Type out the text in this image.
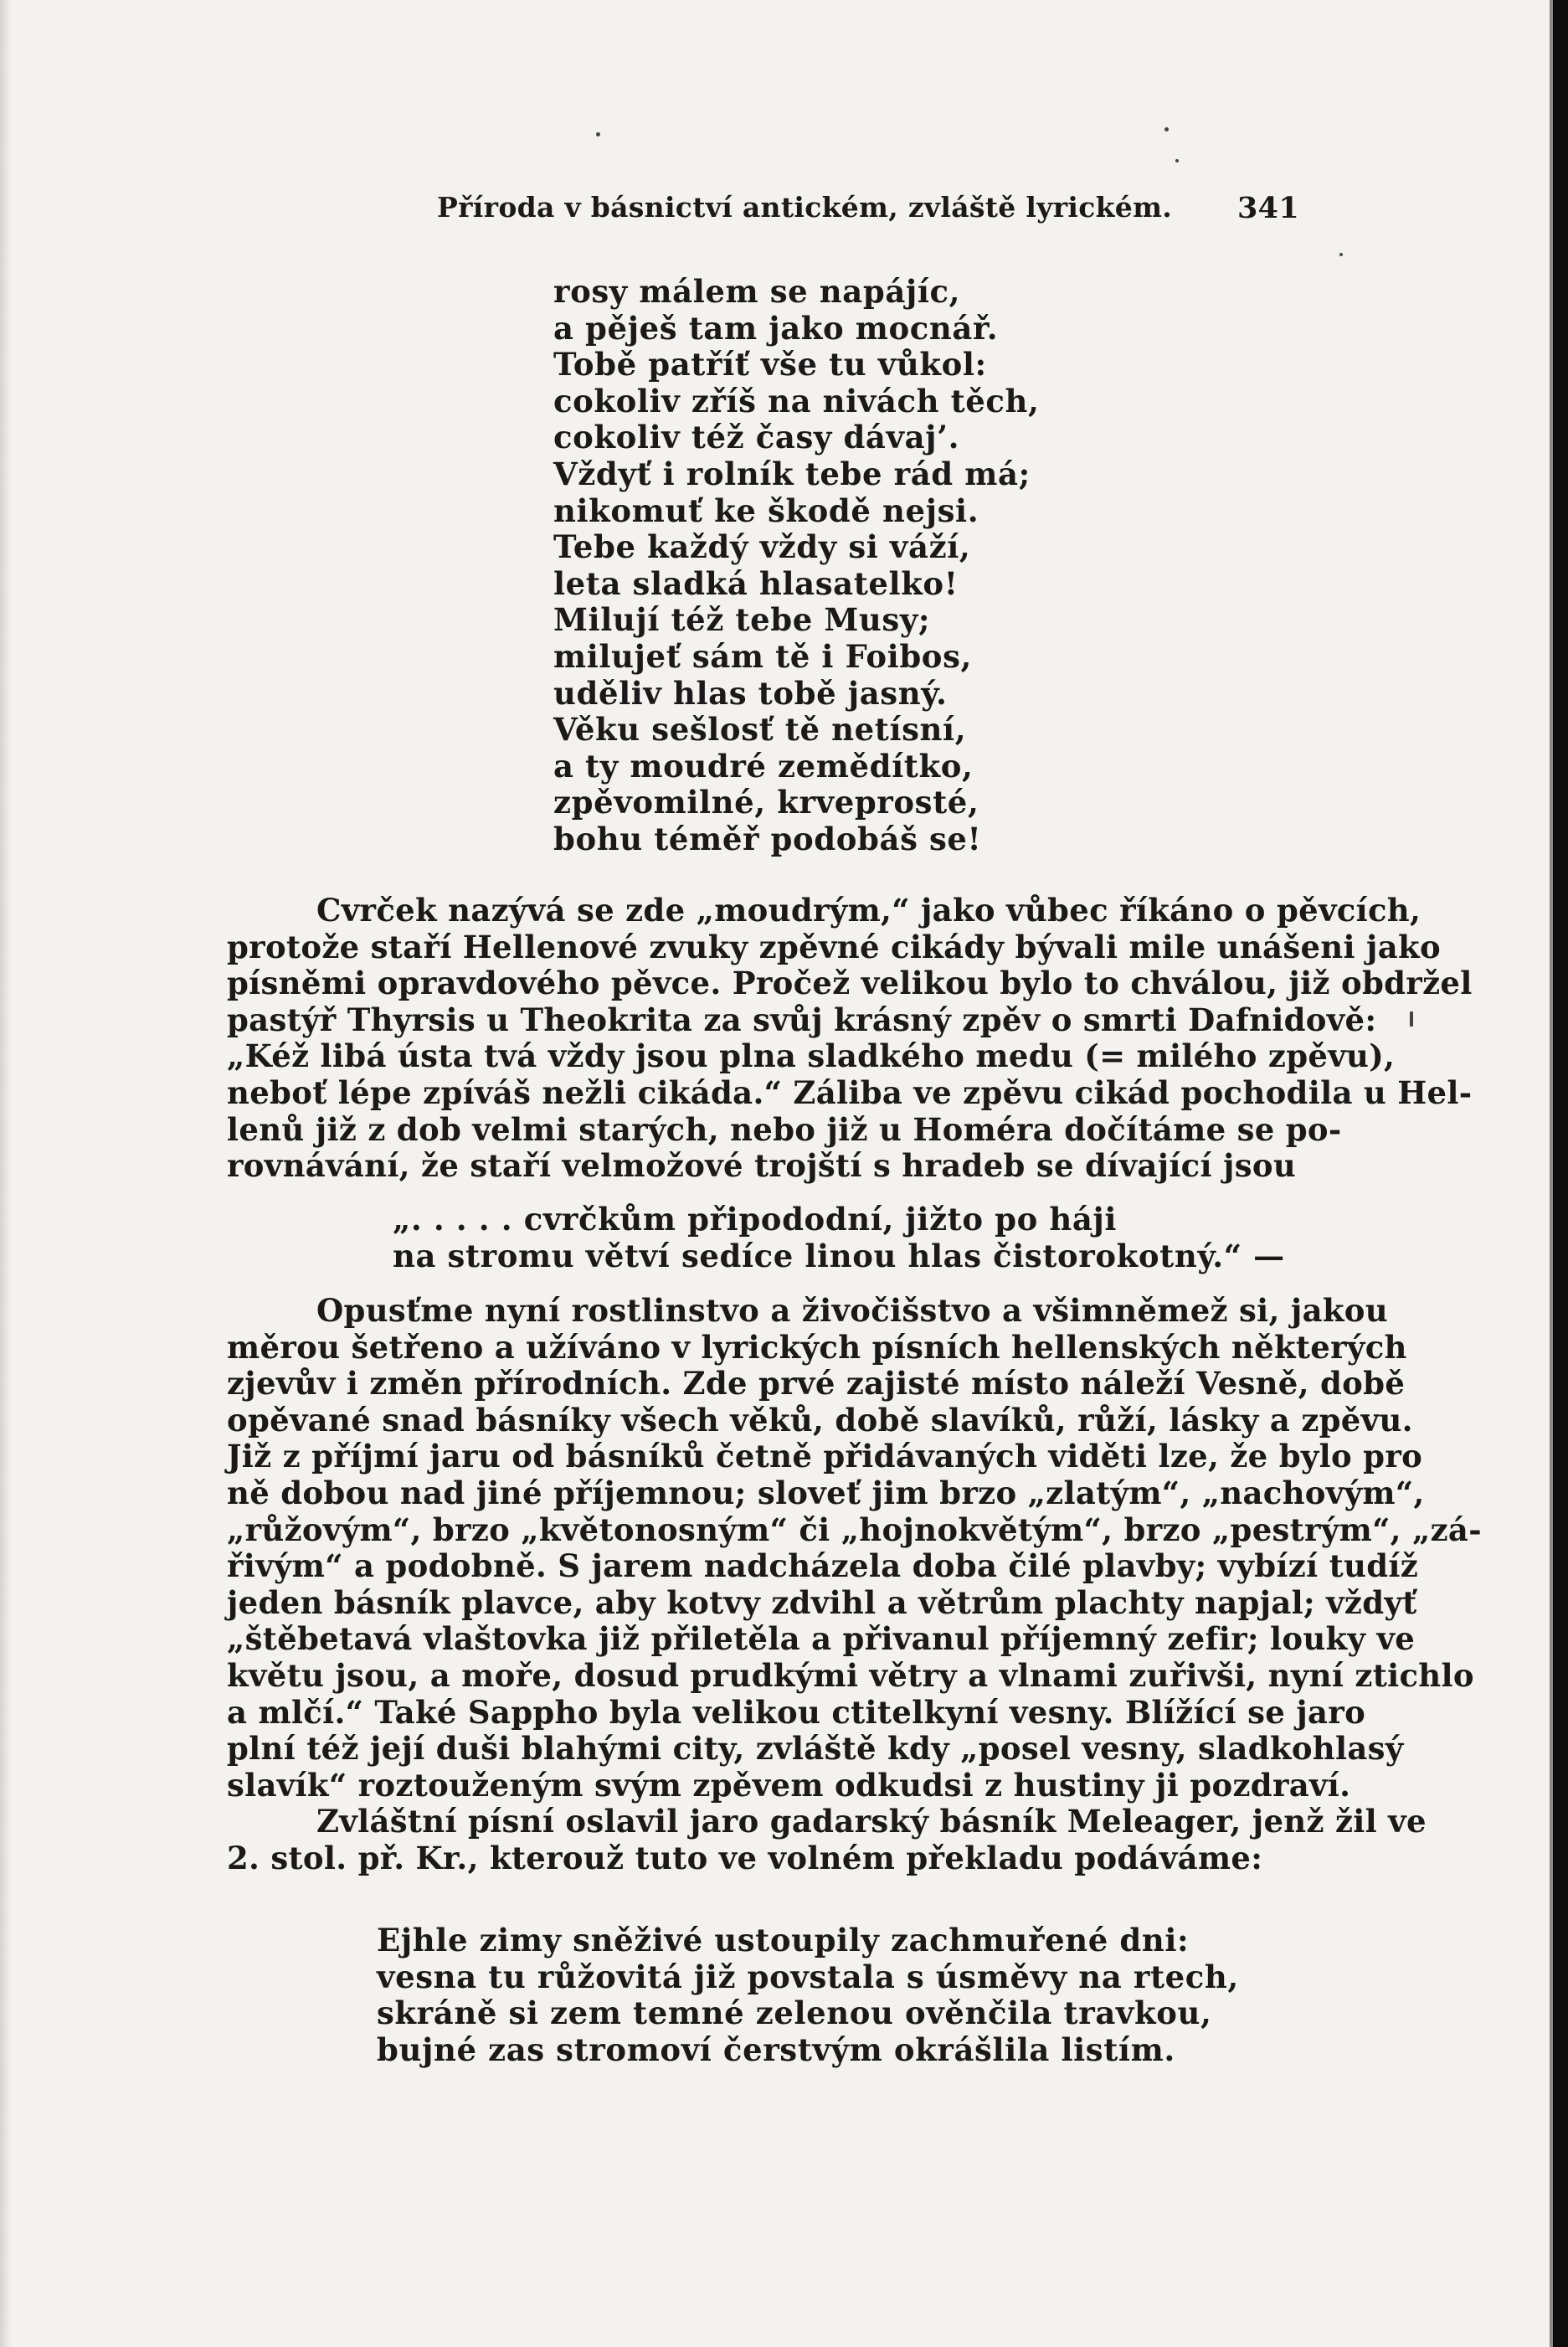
Příroda v básnictví antickém, zvláště lyrickém. 341
rosy málem se napájíc,
a pěješ tam jako mocnář.
Tobě patříť vše tu vůkol:
cokoliv zříš na nivách těch,
cokoliv též časy dávaj’.
Vždyť i rolník tebe rád má;
nikomuť ke škodě nejsi.
Tebe každý vždy si váží,
leta sladká hlasatelko!
Milují též tebe Musy;
milujeť sám tě i Foibos,
uděliv hlas tobě jasný.
Věku sešlosť tě netísní,
a ty moudré zemědítko,
zpěvomilné, krveprosté,
bohu téměř podobáš se!
Cvrček nazývá se zde „moudrým,“ jako vůbec říkáno o pěvcích,
protože staří Hellenové zvuky zpěvné cikády bývali mile unášeni jako
písněmi opravdového pěvce. Pročež velikou bylo to chválou, již obdržel
pastýř Thyrsis u Theokrita za svůj krásný zpěv o smrti Dafnidově:
„Kéž libá ústa tvá vždy jsou plna sladkého medu (= milého zpěvu),
neboť lépe zpíváš nežli cikáda.“ Záliba ve zpěvu cikád pochodila u Hel-
lenů již z dob velmi starých, nebo již u Homéra dočítáme se po-
rovnávání, že staří velmožové trojští s hradeb se dívající jsou
„. . . . . cvrčkům připododní, jižto po háji
na stromu větví sedíce linou hlas čistorokotný.“ —
Opusťme nyní rostlinstvo a živočišstvo a všimněmež si, jakou
měrou šetřeno a užíváno v lyrických písních hellenských některých
zjevův i změn přírodních. Zde prvé zajisté místo náleží Vesně, době
opěvané snad básníky všech věků, době slavíků, růží, lásky a zpěvu.
Již z příjmí jaru od básníků četně přidávaných viděti lze, že bylo pro
ně dobou nad jiné příjemnou; sloveť jim brzo „zlatým“, „nachovým“,
„růžovým“, brzo „květonosným“ či „hojnokvětým“, brzo „pestrým“, „zá-
řivým“ a podobně. S jarem nadcházela doba čilé plavby; vybízí tudíž
jeden básník plavce, aby kotvy zdvihl a větrům plachty napjal; vždyť
„štěbetavá vlaštovka již přiletěla a přivanul příjemný zefir; louky ve
květu jsou, a moře, dosud prudkými větry a vlnami zuřivši, nyní ztichlo
a mlčí.“ Také Sappho byla velikou ctitelkyní vesny. Blížící se jaro
plní též její duši blahými city, zvláště kdy „posel vesny, sladkohlasý
slavík“ roztouženým svým zpěvem odkudsi z hustiny ji pozdraví.
Zvláštní písní oslavil jaro gadarský básník Meleager, jenž žil ve
2. stol. př. Kr., kterouž tuto ve volném překladu podáváme:
Ejhle zimy sněživé ustoupily zachmuřené dni:
vesna tu růžovitá již povstala s úsměvy na rtech,
skráně si zem temné zelenou ověnčila travkou,
bujné zas stromoví čerstvým okrášlila listím.
